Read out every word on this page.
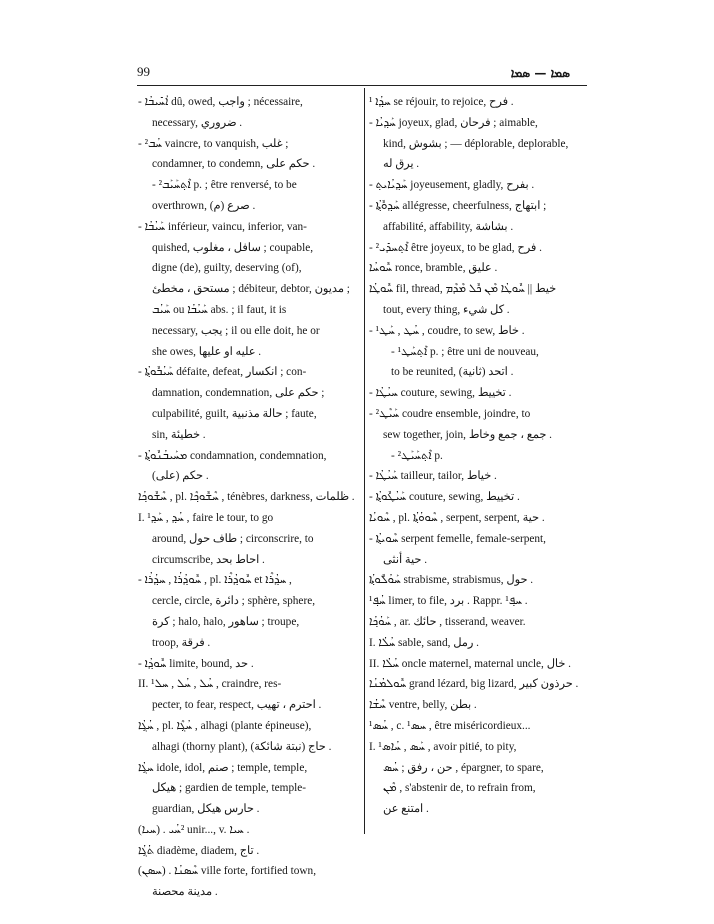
99	ܣܡܐ — ܣܡܐ
- ܐܳܚܺܝܒܳܐ dû, owed, واجب ; nécessaire,
necessary, ضروري .
- ²ܚܳܒ vaincre, to vanquish, غلب ;
condamner, to condemn, حكم على .
- ²ܐܶܬ݂ܚܰܝܰܒ p. ; être renversé, to be
overthrown, صرع (م) .
- ܚܰܝܳܒܳܐ inférieur, vaincu, inferior, van-
quished, سافل ، مغلوب ; coupable,
digne (de), guilty, deserving (of),
مستحق ، مخطئ ; débiteur, debtor, مديون ;
ܚܰܝܳܒ ou ܚܰܝܳܒܳܐ abs. ; il faut, it is
necessary, يجب ; il ou elle doit, he or
she owes, عليه او عليها .
- ܚܰܝܳܒܽܘܬ݂ܳܐ défaite, defeat, انكسار ; con-
damnation, condemnation, حكم على ;
culpabilité, guilt, حالة مذنبية ; faute,
sin, خطيئة .
- ܡܚܰܝܒܳܢܽܘܬ݂ܳܐ condamnation, condemnation,
حكم (على) .
ܚܶܫܽܘܟ݂ܳܐ , pl. ܚܶܫܽܘܟ݂ܶܐ , ténèbres, darkness, ظلمات .
I. ¹ܚܳܕ݂ , ܚܰܕ݂ , faire le tour, to go
around, طاف حول ; circonscrire, to
circumscribe, احاط بحد .
- ܚܽܘܕ݂ܳܪܳܐ , ܚܕ݂ܳܪܳܐ , pl. ܚܽܘܕ݂ܳܪܶܐ et ܚܕ݂ܳܪܶܐ ,
cercle, circle, دائرة ; sphère, sphere,
كرة ; halo, halo, ساهور ; troupe,
troop, فرقة .
- ܚܽܘܕ݂ܳܐ limite, bound, حد .
II. ¹ܚܳܠ , ܚܳܠ , ܚܠ , craindre, res-
pecter, to fear, respect, احترم ، تهيب .
ܚܳܓ݂ܳܐ , pl. ܚܳܓ݂ܶܐ , alhagi (plante épineuse),
alhagi (thorny plant), حاج (نبتة شائكة) .
ܚܓ݂ܳܐ idole, idol, صنم ; temple, temple,
هيكل ; gardien de temple, temple-
guardian, حارس هيكل .
(ܚܝܐ) . ²ܚܳܝ unir..., v. ܚܝܐ .
ܬܳܓ݂ܳܐ diadème, diadem, تاج .
(ܚܣܢ) . ܚܶܣܢܳܐ ville forte, fortified town,
مدينة محصنة .
¹ ܚܕ݂ܳܐ se réjouir, to rejoice, فرح .
- ܚܰܕ݂ܝܳܐ joyeux, glad, فرحان ; aimable,
kind, بشوش ; — déplorable, deplorable,
يرق له .
- ܚܰܕ݂ܝܳܐܝܬ݂ joyeusement, gladly, بفرح .
- ܚܰܕ݂ܘܽܬ݂ܳܐ allégresse, cheerfulness, ابتهاج ;
affabilité, affability, بشاشة .
- ²ܐܶܬ݂ܚܕܺܝ être joyeux, to be glad, فرح .
ܚܽܘܚܳܐ ronce, bramble, عليق .
ܚܽܘܛܳܐ fil, thread, خيط || ܚܽܘܛܳܐ ܡܶܢ ܟܽܠ ܡܶܕܶܡ
tout, every thing, كل شيء .
- ¹ܚܳܛ , ܚܰܛ , coudre, to sew, خاط .
- ¹ܐܶܬ݂ܚܰܛ p. ; être uni de nouveau,
to be reunited, اتحد (ثانية) .
- ܚܝܳܛܳܐ couture, sewing, تخييط .
- ²ܚܰܝܶܛ coudre ensemble, joindre, to
sew together, join, جمع ، جمع وخاط .
- ²ܐܶܬ݂ܚܰܝܰܛ p.
- ܚܰܝܳܛܳܐ tailleur, tailor, خياط .
- ܚܰܝܳܛܽܘܬ݂ܳܐ couture, sewing, تخييط .
ܚܶܘܝܳܐ , pl. ܚܶܘܘܳܬ݂ܳܐ , serpent, serpent, حية .
- ܚܶܘܝܬ݂ܳܐ serpent femelle, female-serpent,
حية أنثى .
ܚܰܘܳܠܽܘܬ݂ܳܐ strabisme, strabismus, حول .
¹ܚܳܦ݂ limer, to file, برد . Rappr. ¹ܚܦ݂ .
ܚܰܘܳܟ݂ܳܐ , ar. حائك , tisserand, weaver.
I. ܚܳܠܳܐ sable, sand, رمل .
II. ܚܳܠܳܐ oncle maternel, maternal uncle, خال .
ܚܽܘܠܡܳܢܳܐ grand lézard, big lizard, حرذون كبير .
ܚܶܫܳܐ ventre, belly, بطن .
¹ܚܳܣ , c. ¹ܚܣ , être miséricordieux...
I. ¹ܚܰܣ , ܚܳܐܣ , avoir pitié, to pity,
حن ، رفق ; ܚܳܣ , épargner, to spare,
ܡܶܢ , s'abstenir de, to refrain from,
امتنع عن .
